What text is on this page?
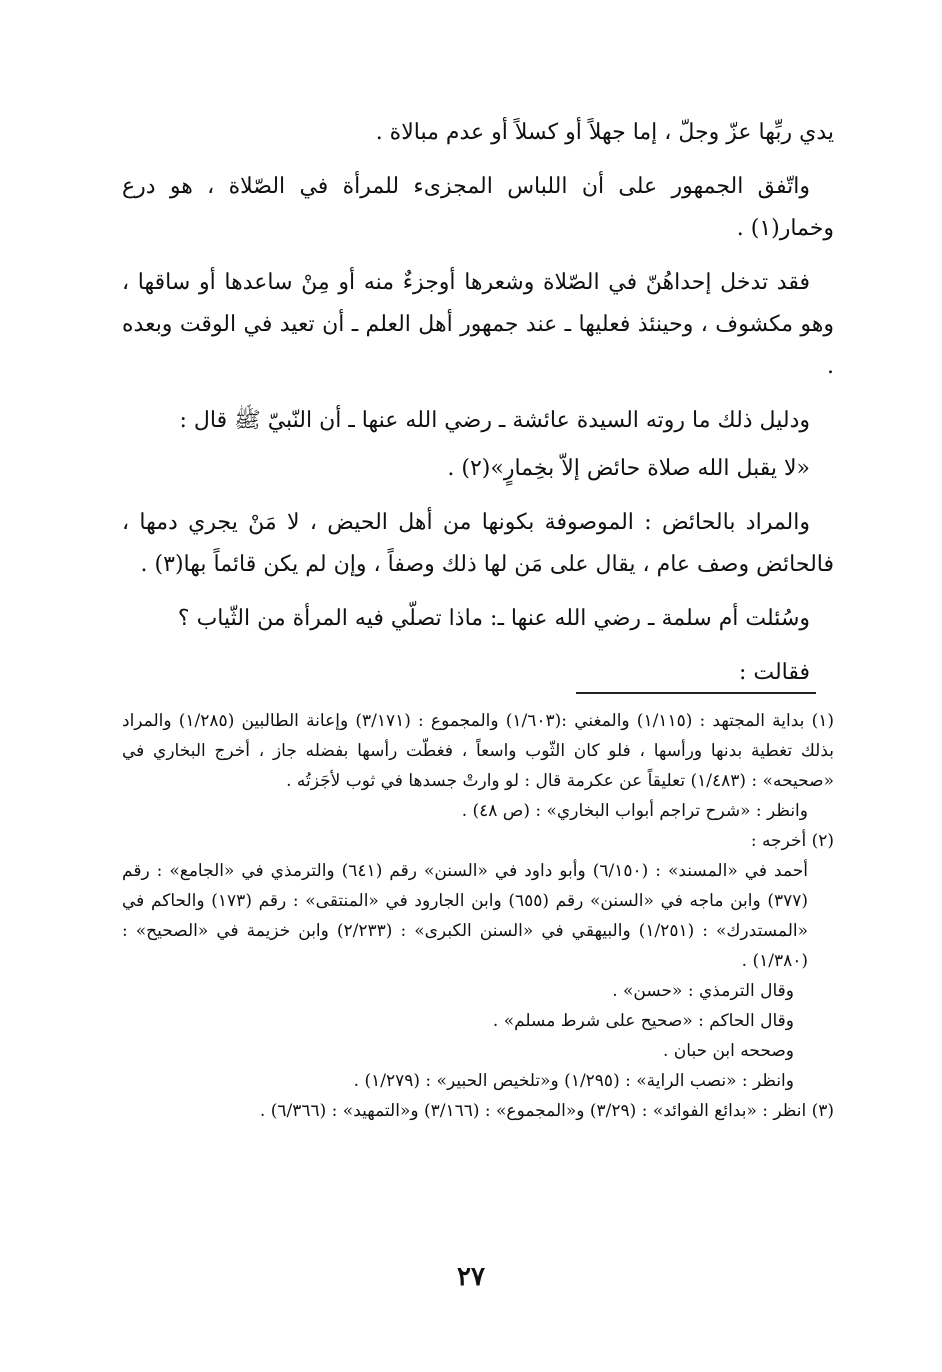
يدي ربِّها عزّ وجلّ ، إما جهلاً أو كسلاً أو عدم مبالاة .

واتّفق الجمهور على أن اللباس المجزىء للمرأة في الصّلاة ، هو درع وخمار(١) .

فقد تدخل إحداهُنّ في الصّلاة وشعرها أوجزءٌ منه أو مِنْ ساعدها أو ساقها ، وهو مكشوف ، وحينئذ فعليها ـ عند جمهور أهل العلم ـ أن تعيد في الوقت وبعده .

ودليل ذلك ما روته السيدة عائشة ـ رضي الله عنها ـ أن النّبيّ ﷺ قال :

«لا يقبل الله صلاة حائض إلاّ بخِمارٍ»(٢) .

والمراد بالحائض : الموصوفة بكونها من أهل الحيض ، لا مَنْ يجري دمها ، فالحائض وصف عام ، يقال على مَن لها ذلك وصفاً ، وإن لم يكن قائماً بها(٣) .

وسُئلت أم سلمة ـ رضي الله عنها ـ: ماذا تصلّي فيه المرأة من الثّياب ؟

فقالت :

(١) بداية المجتهد : (١/١١٥) والمغني :(١/٦٠٣) والمجموع : (٣/١٧١) وإعانة الطالبين (١/٢٨٥) والمراد بذلك تغطية بدنها ورأسها ، فلو كان الثّوب واسعاً ، فغطّت رأسها بفضله جاز ، أخرج البخاري في «صحيحه» : (١/٤٨٣) تعليقاً عن عكرمة قال : لو وارتْ جسدها في ثوب لأجَزتُه .

وانظر : «شرح تراجم أبواب البخاري» : (ص ٤٨) .

(٢) أخرجه :

أحمد في «المسند» : (٦/١٥٠) وأبو داود في «السنن» رقم (٦٤١) والترمذي في «الجامع» : رقم (٣٧٧) وابن ماجه في «السنن» رقم (٦٥٥) وابن الجارود في «المنتقى» : رقم (١٧٣) والحاكم في «المستدرك» : (١/٢٥١) والبيهقي في «السنن الكبرى» : (٢/٢٣٣) وابن خزيمة في «الصحيح» : (١/٣٨٠) .

وقال الترمذي : «حسن» .

وقال الحاكم : «صحيح على شرط مسلم» .

وصححه ابن حبان .

وانظر : «نصب الراية» : (١/٢٩٥) و«تلخيص الحبير» : (١/٢٧٩) .

(٣) انظر : «بدائع الفوائد» : (٣/٢٩) و«المجموع» : (٣/١٦٦) و«التمهيد» : (٦/٣٦٦) .

٢٧
